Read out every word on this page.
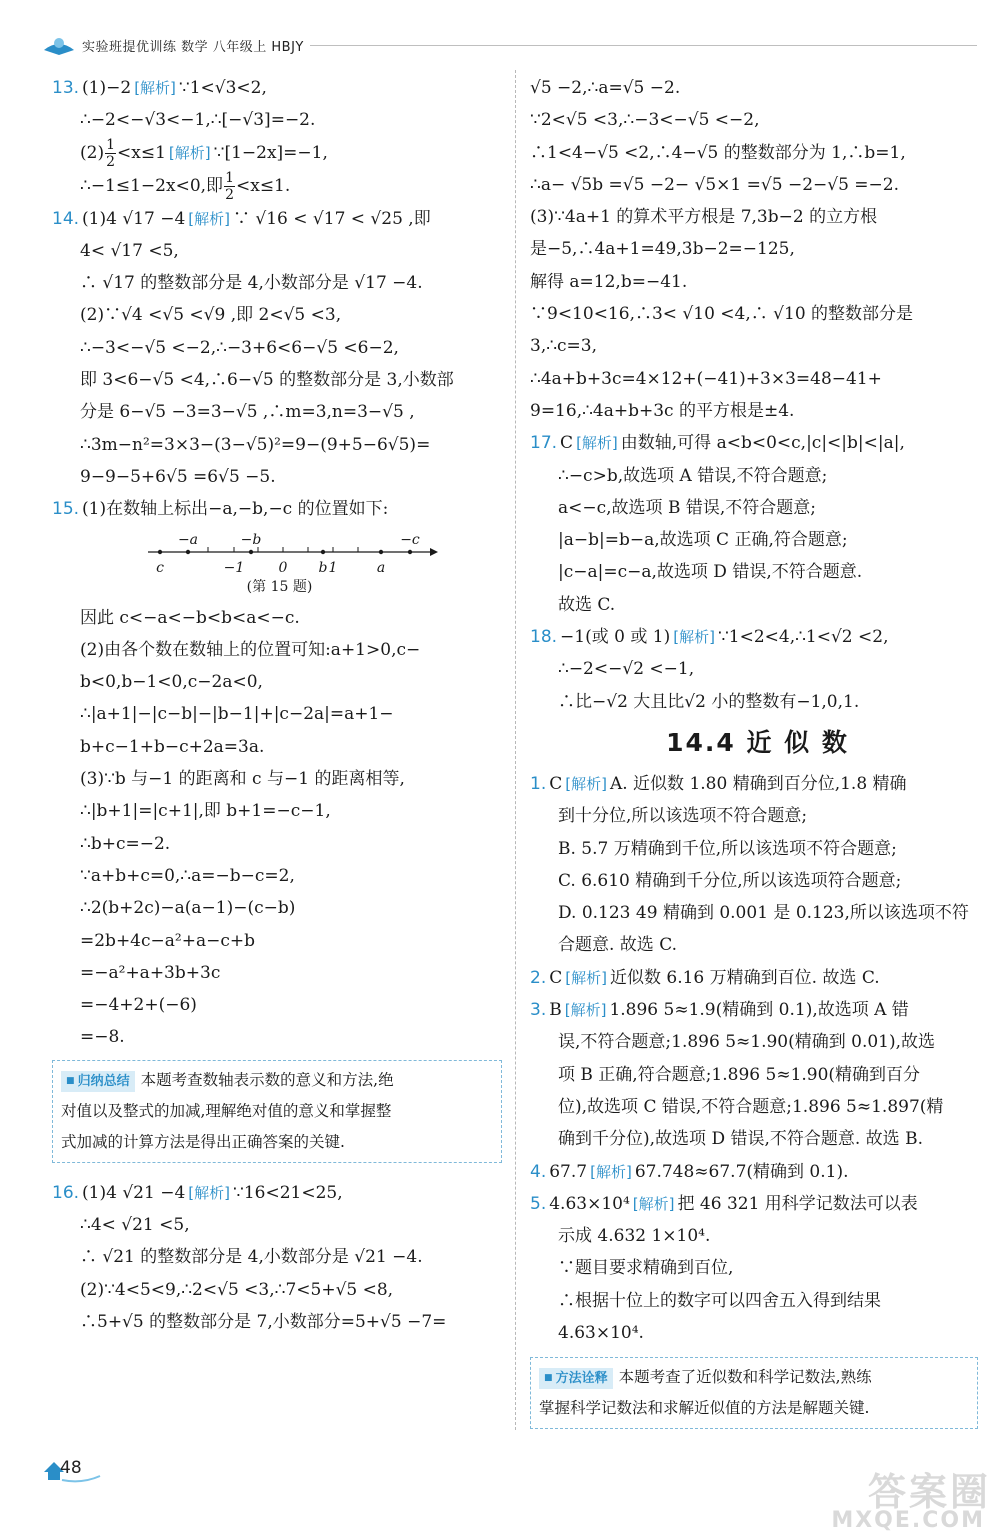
实验班提优训练 数学 八年级上 HBJY
13. (1)−2 [解析] ∵1<√3<2,
∴−2<−√3<−1,∴[−√3]=−2.
$(2) \frac{1}{2} <x\le 1$ [解析] ∵[1−2x]=−1,
∴−1≤1−2x<0,即 $\frac{1}{2} <x\le 1$.
14. (1)4 √17 −4 [解析] ∵ √16 < √17 < √25 ,即
4< √17 <5,
∴ √17 的整数部分是 4,小数部分是 √17 −4.
(2)∵√4 <√5 <√9 ,即 2<√5 <3,
∴−3<−√5 <−2,∴−3+6<6−√5 <6−2,
即 3<6−√5 <4,∴6−√5 的整数部分是 3,小数部
分是 6−√5 −3=3−√5 ,∴m=3,n=3−√5 ,
∴3m−n²=3×3−(3−√5)²=9−(9+5−6√5)=
9−9−5+6√5 =6√5 −5.
15. (1)在数轴上标出−a,−b,−c 的位置如下:
−a	−b	−c
c	−1 0 b 1	a
(第 15 题)
因此 c<−a<−b<b<a<−c.
(2)由各个数在数轴上的位置可知:a+1>0,c−
b<0,b−1<0,c−2a<0,
∴|a+1|−|c−b|−|b−1|+|c−2a|=a+1−
b+c−1+b−c+2a=3a.
(3)∵b 与−1 的距离和 c 与−1 的距离相等,
∴|b+1|=|c+1|,即 b+1=−c−1,
∴b+c=−2.
∵a+b+c=0,∴a=−b−c=2,
∴2(b+2c)−a(a−1)−(c−b)
=2b+4c−a²+a−c+b
=−a²+a+3b+3c
=−4+2+(−6)
=−8.
■ 归纳总结 本题考查数轴表示数的意义和方法,绝
对值以及整式的加减,理解绝对值的意义和掌握整
式加减的计算方法是得出正确答案的关键.
16. (1)4 √21 −4 [解析] ∵16<21<25,
∴4< √21 <5,
∴ √21 的整数部分是 4,小数部分是 √21 −4.
(2)∵4<5<9,∴2<√5 <3,∴7<5+√5 <8,
∴5+√5 的整数部分是 7,小数部分=5+√5 −7=
√5 −2,∴a=√5 −2.
∵2<√5 <3,∴−3<−√5 <−2,
∴1<4−√5 <2,∴4−√5 的整数部分为 1,∴b=1,
∴a− √5b =√5 −2− √5×1 =√5 −2−√5 =−2.
(3)∵4a+1 的算术平方根是 7,3b−2 的立方根
是−5,∴4a+1=49,3b−2=−125,
解得 a=12,b=−41.
∵9<10<16,∴3< √10 <4,∴ √10 的整数部分是
3,∴c=3,
∴4a+b+3c=4×12+(−41)+3×3=48−41+
9=16,∴4a+b+3c 的平方根是±4.
17. C [解析] 由数轴,可得 a<b<0<c,|c|<|b|<|a|,
∴−c>b,故选项 A 错误,不符合题意;
a<−c,故选项 B 错误,不符合题意;
|a−b|=b−a,故选项 C 正确,符合题意;
|c−a|=c−a,故选项 D 错误,不符合题意.
故选 C.
18. −1(或 0 或 1) [解析] ∵1<2<4,∴1<√2 <2,
∴−2<−√2 <−1,
∴比−√2 大且比√2 小的整数有−1,0,1.
14.4 近 似 数
1. C [解析] A. 近似数 1.80 精确到百分位,1.8 精确
到十分位,所以该选项不符合题意;
B. 5.7 万精确到千位,所以该选项不符合题意;
C. 6.610 精确到千分位,所以该选项符合题意;
D. 0.123 49 精确到 0.001 是 0.123,所以该选项不符
合题意. 故选 C.
2. C [解析] 近似数 6.16 万精确到百位. 故选 C.
3. B [解析] 1.896 5≈1.9(精确到 0.1),故选项 A 错
误,不符合题意;1.896 5≈1.90(精确到 0.01),故选
项 B 正确,符合题意;1.896 5≈1.90(精确到百分
位),故选项 C 错误,不符合题意;1.896 5≈1.897(精
确到千分位),故选项 D 错误,不符合题意. 故选 B.
4. 67.7 [解析] 67.748≈67.7(精确到 0.1).
5. 4.63×10⁴ [解析] 把 46 321 用科学记数法可以表
示成 4.632 1×10⁴.
∵题目要求精确到百位,
∴根据十位上的数字可以四舍五入得到结果
4.63×10⁴.
■ 方法诠释 本题考查了近似数和科学记数法,熟练
掌握科学记数法和求解近似值的方法是解题关键.
48
答案圈
MXQE.COM
